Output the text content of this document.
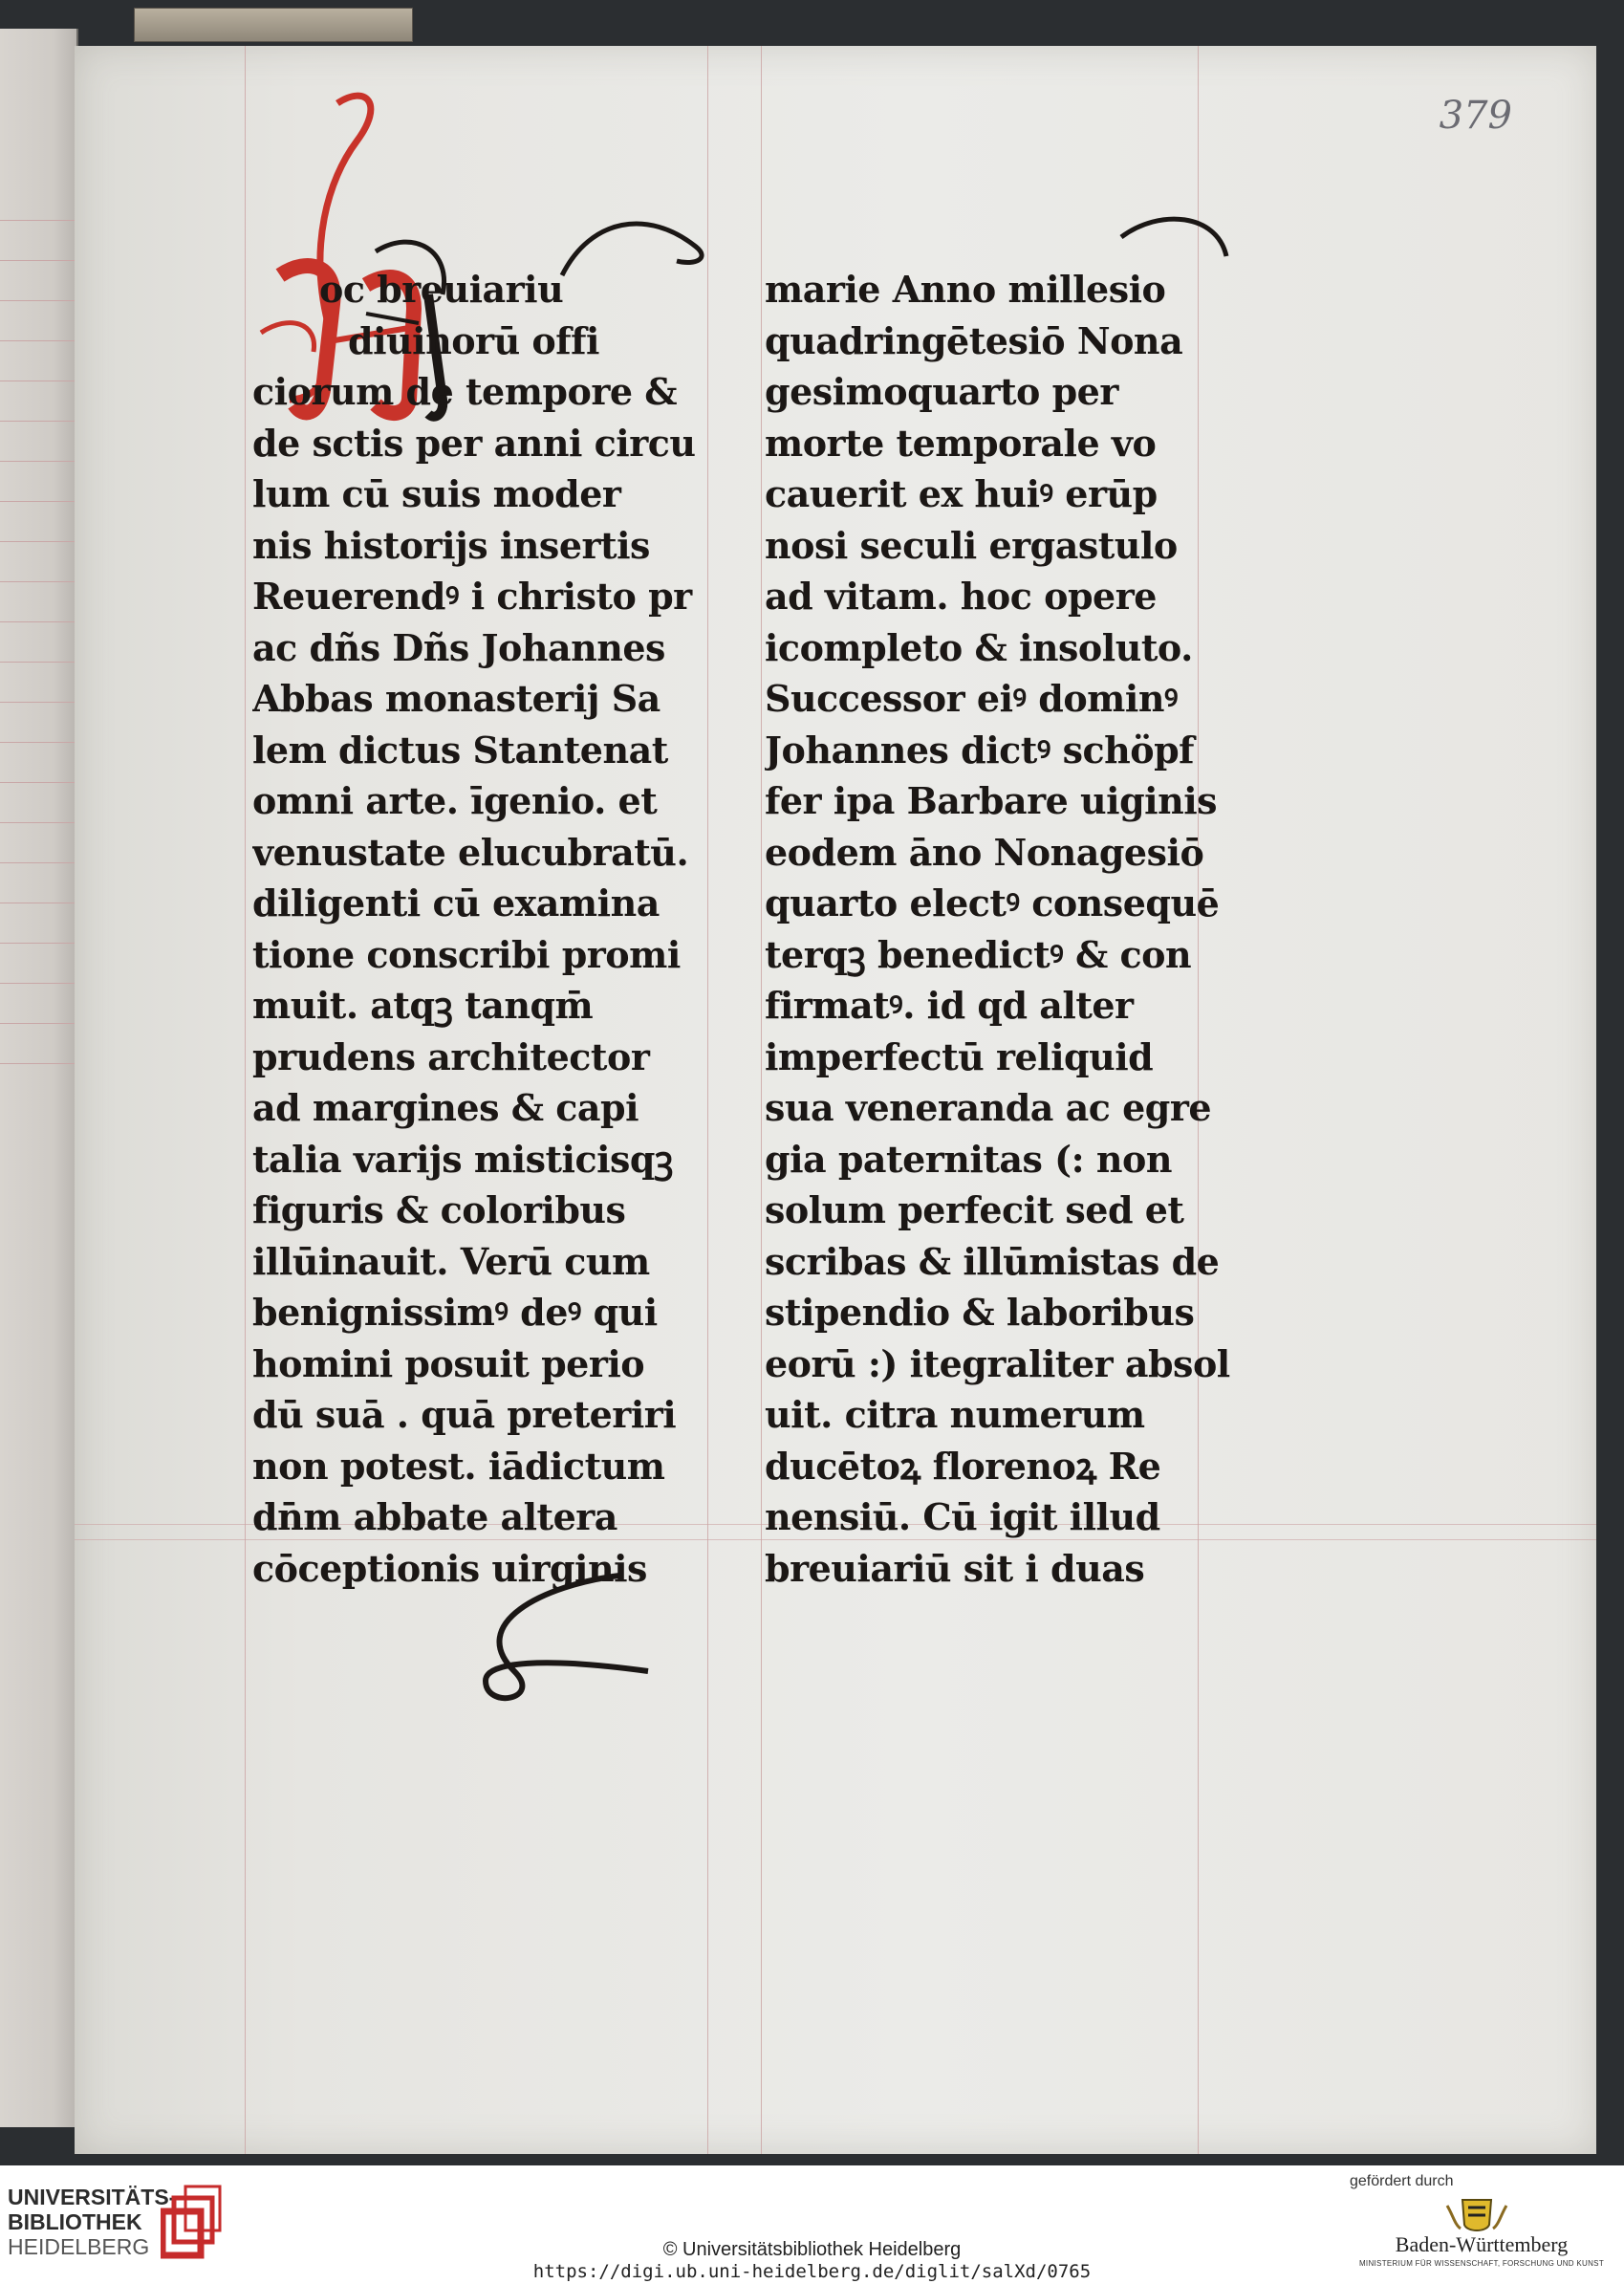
379
oc breuiariu
diuinorū offi
ciorum de tempore &
de sctis per anni circu
lum cū suis moder
nis historijs insertis
Reuerendꝰ i christo pr
ac dñs Dñs Johannes
Abbas monasterij Sa
lem dictus Stantenat
omni arte. īgenio. et
venustate elucubratū.
diligenti cū examina
tione conscribi promi
muit. atqꝫ tanqm̄
prudens architector
ad margines & capi
talia varijs misticisqꝫ
figuris & coloribus
illūinauit. Verū cum
benignissimꝰ deꝰ qui
homini posuit perio
dū suā . quā preteriri
non potest. iādictum
dn̄m abbate altera
cōceptionis uirginis
marie Anno millesio
quadringētesiō Nona
gesimoquarto per
morte temporale vo
cauerit ex huiꝰ erūp
nosi seculi ergastulo
ad vitam. hoc opere
icompleto & insoluto.
Successor eiꝰ dominꝰ
Johannes dictꝰ schöpf
fer ipa Barbare uiginis
eodem āno Nonagesiō
quarto electꝰ consequē
terqꝫ benedictꝰ & con
firmatꝰ. id qd alter
imperfectū reliquid
sua veneranda ac egre
gia paternitas (: non
solum perfecit sed et
scribas & illūmistas de
stipendio & laboribus
eorū :) itegraliter absol
uit. citra numerum
ducētoꝝ florenoꝝ Re
nensiū. Cū igit illud
breuiariū sit i duas
UNIVERSITÄTS-
BIBLIOTHEK
HEIDELBERG	© Universitätsbibliothek Heidelberg
https://digi.ub.uni-heidelberg.de/diglit/salXd/0765
gefördert durch
Baden-Württemberg
MINISTERIUM FÜR WISSENSCHAFT, FORSCHUNG UND KUNST
